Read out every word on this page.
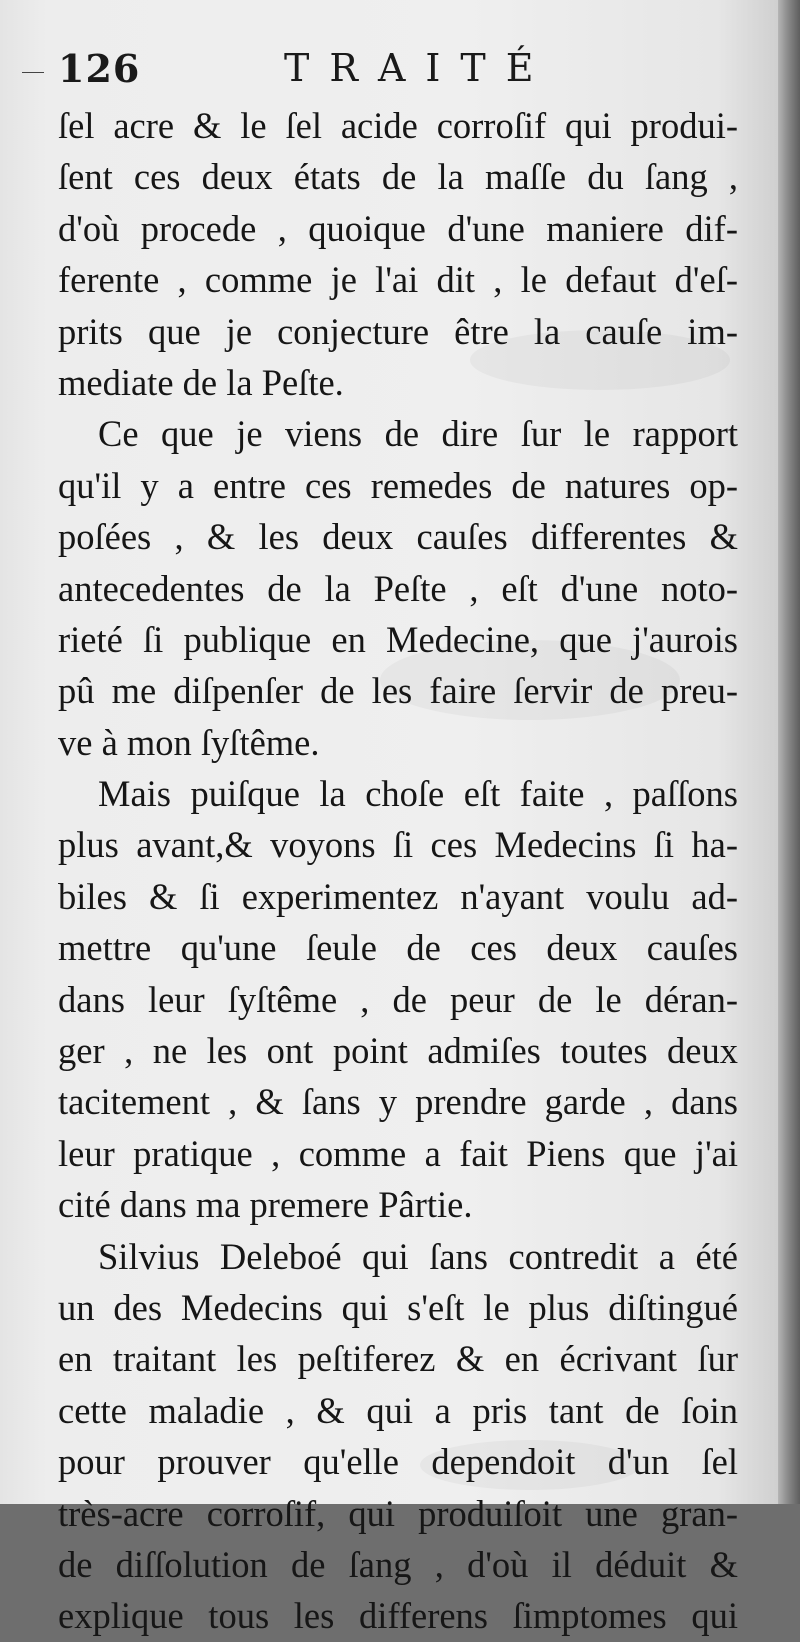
126	TRAITÉ
ſel acre & le ſel acide corroſif qui produi-
ſent ces deux états de la maſſe du ſang ,
d'où procede , quoique d'une maniere dif-
ferente , comme je l'ai dit , le defaut d'eſ-
prits que je conjecture être la cauſe im-
mediate de la Peſte.
Ce que je viens de dire ſur le rapport
qu'il y a entre ces remedes de natures op-
poſées , & les deux cauſes differentes &
antecedentes de la Peſte , eſt d'une noto-
rieté ſi publique en Medecine, que j'aurois
pû me diſpenſer de les faire ſervir de preu-
ve à mon ſyſtême.
Mais puiſque la choſe eſt faite , paſſons
plus avant,& voyons ſi ces Medecins ſi ha-
biles & ſi experimentez n'ayant voulu ad-
mettre qu'une ſeule de ces deux cauſes
dans leur ſyſtême , de peur de le déran-
ger , ne les ont point admiſes toutes deux
tacitement , & ſans y prendre garde , dans
leur pratique , comme a fait Piens que j'ai
cité dans ma premere Pârtie.
Silvius Deleboé qui ſans contredit a été
un des Medecins qui s'eſt le plus diſtingué
en traitant les peſtiferez & en écrivant ſur
cette maladie , & qui a pris tant de ſoin
pour prouver qu'elle dependoit d'un ſel
très-acre corroſif, qui produiſoit une gran-
de diſſolution de ſang , d'où il déduit &
explique tous les differens ſimptomes qui
